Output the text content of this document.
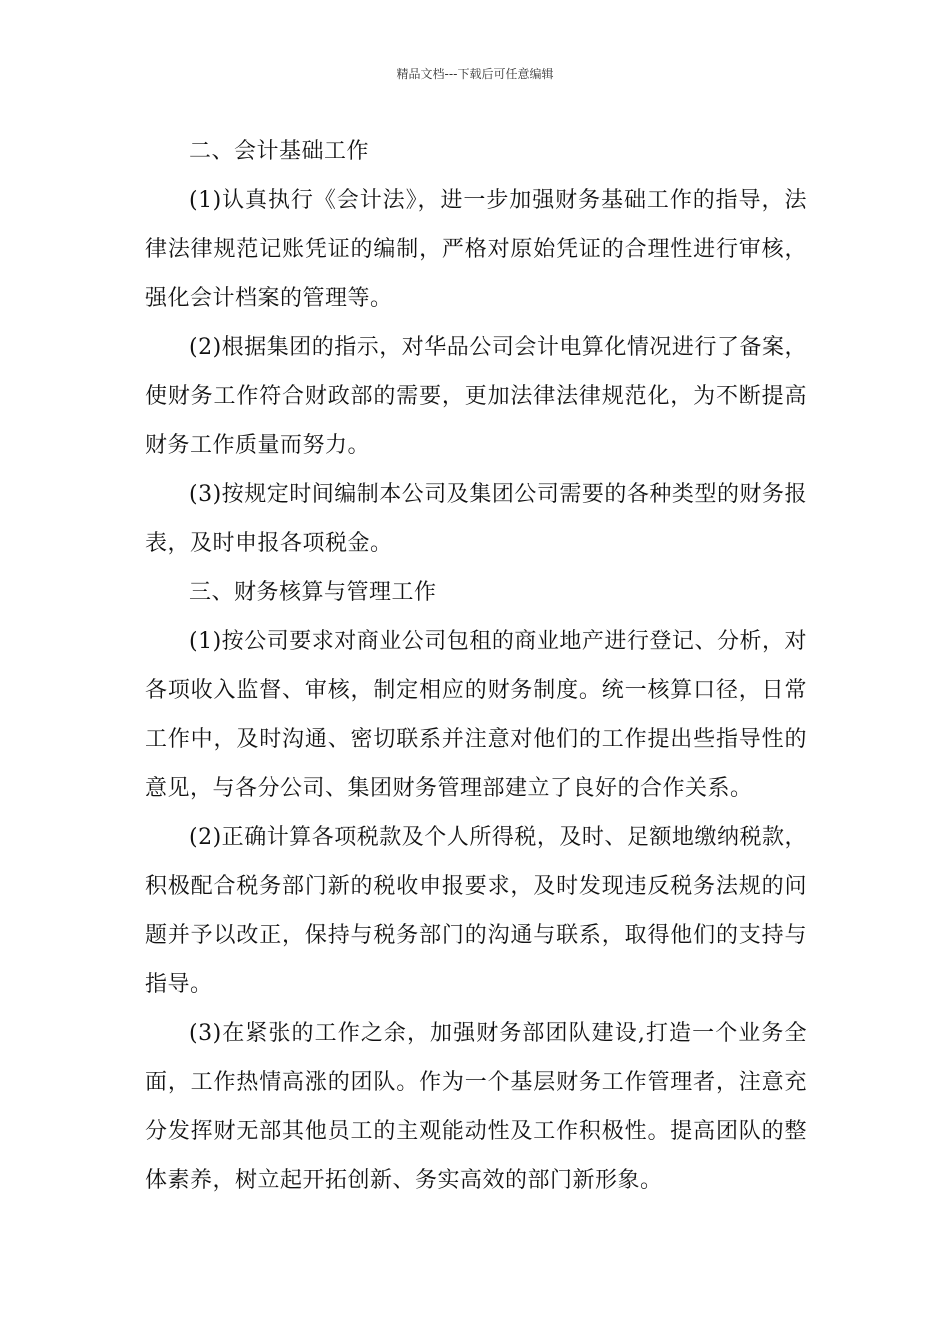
精品文档---下载后可任意编辑

二、会计基础工作

(1)认真执行《会计法》，进一步加强财务基础工作的指导，法律法律规范记账凭证的编制，严格对原始凭证的合理性进行审核，强化会计档案的管理等。

(2)根据集团的指示，对华品公司会计电算化情况进行了备案，使财务工作符合财政部的需要，更加法律法律规范化，为不断提高财务工作质量而努力。

(3)按规定时间编制本公司及集团公司需要的各种类型的财务报表，及时申报各项税金。

三、财务核算与管理工作

(1)按公司要求对商业公司包租的商业地产进行登记、分析，对各项收入监督、审核，制定相应的财务制度。统一核算口径，日常工作中，及时沟通、密切联系并注意对他们的工作提出些指导性的意见，与各分公司、集团财务管理部建立了良好的合作关系。

(2)正确计算各项税款及个人所得税，及时、足额地缴纳税款，积极配合税务部门新的税收申报要求，及时发现违反税务法规的问题并予以改正，保持与税务部门的沟通与联系，取得他们的支持与指导。

(3)在紧张的工作之余，加强财务部团队建设,打造一个业务全面，工作热情高涨的团队。作为一个基层财务工作管理者，注意充分发挥财无部其他员工的主观能动性及工作积极性。提高团队的整体素养，树立起开拓创新、务实高效的部门新形象。
